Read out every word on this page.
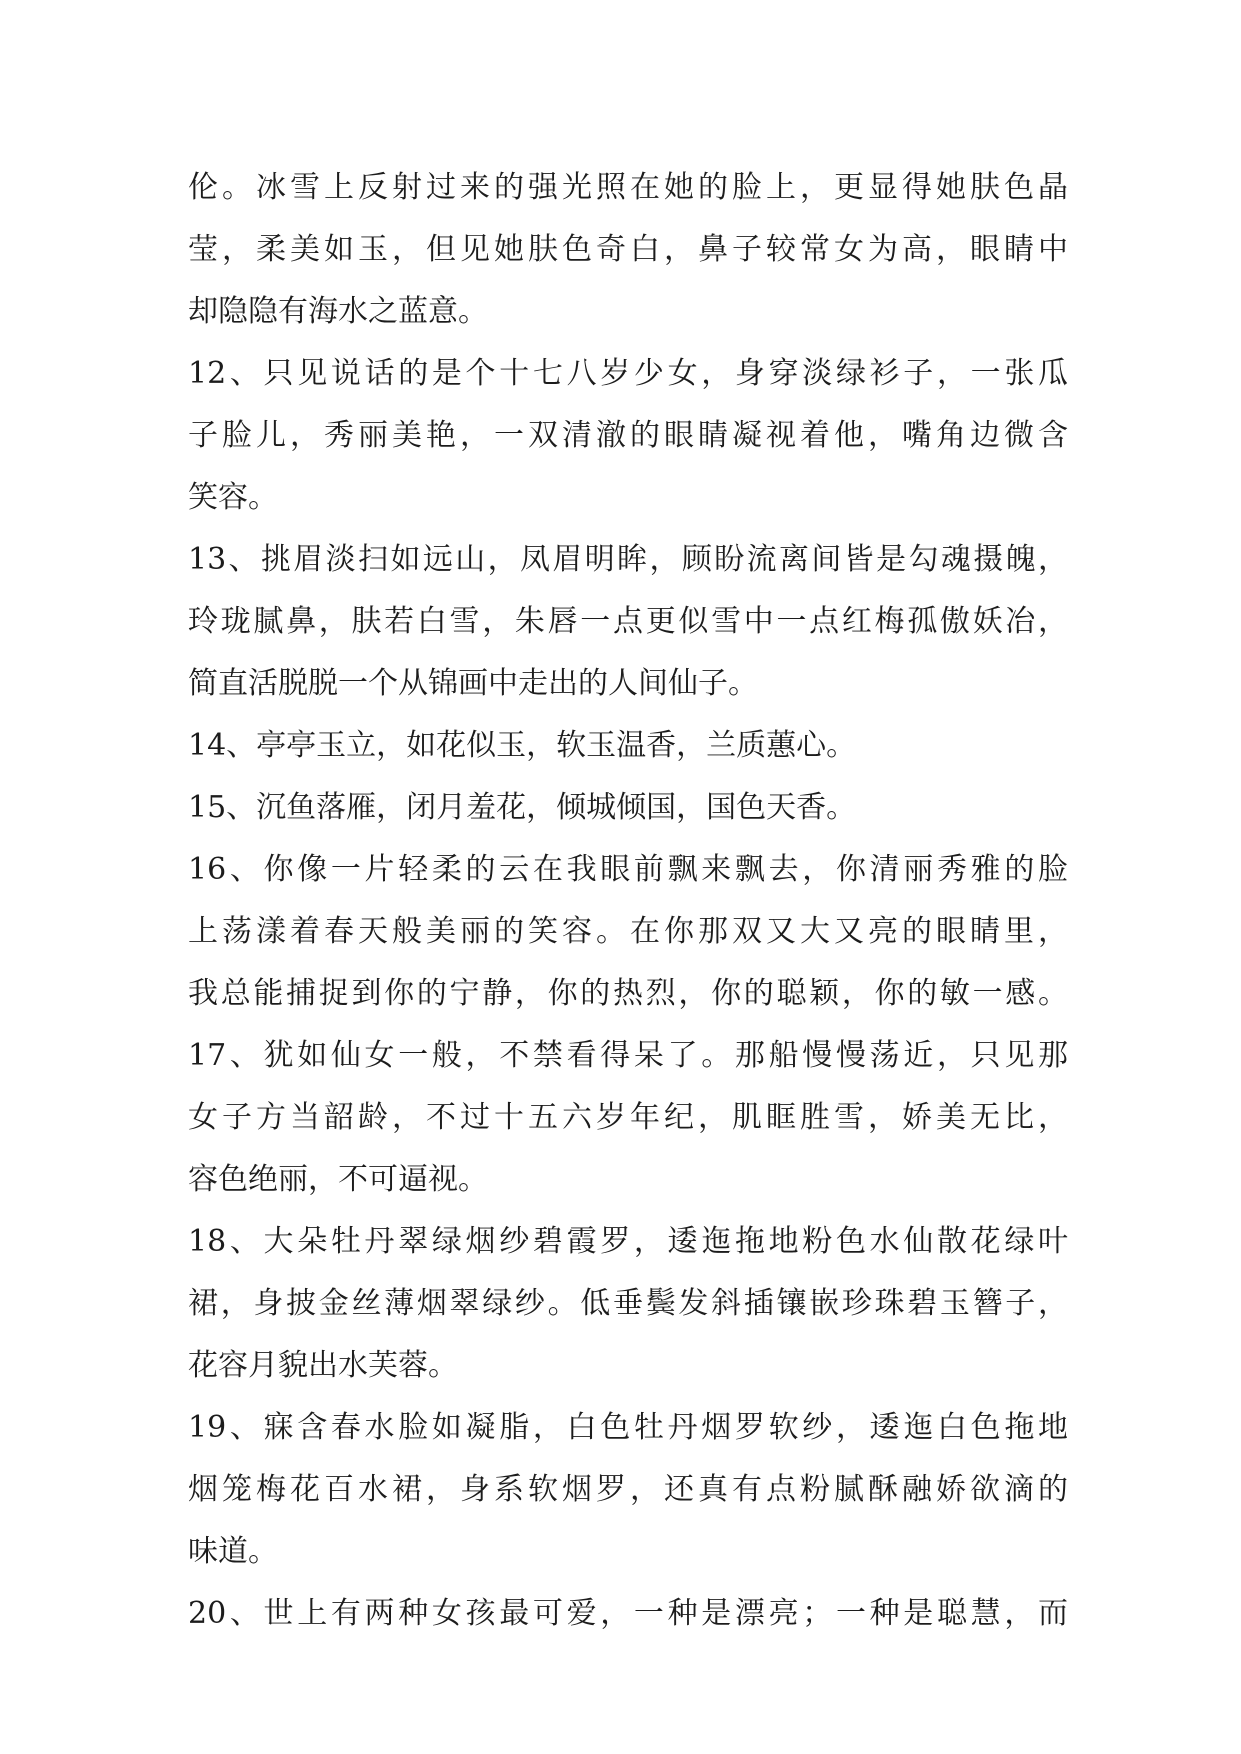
伦。冰雪上反射过来的强光照在她的脸上，更显得她肤色晶
莹，柔美如玉，但见她肤色奇白，鼻子较常女为高，眼睛中
却隐隐有海水之蓝意。
12、只见说话的是个十七八岁少女，身穿淡绿衫子，一张瓜
子脸儿，秀丽美艳，一双清澈的眼睛凝视着他，嘴角边微含
笑容。
13、挑眉淡扫如远山，凤眉明眸，顾盼流离间皆是勾魂摄魄，
玲珑腻鼻，肤若白雪，朱唇一点更似雪中一点红梅孤傲妖冶，
简直活脱脱一个从锦画中走出的人间仙子。
14、亭亭玉立，如花似玉，软玉温香，兰质蕙心。
15、沉鱼落雁，闭月羞花，倾城倾国，国色天香。
16、你像一片轻柔的云在我眼前飘来飘去，你清丽秀雅的脸
上荡漾着春天般美丽的笑容。在你那双又大又亮的眼睛里，
我总能捕捉到你的宁静，你的热烈，你的聪颖，你的敏一感。
17、犹如仙女一般，不禁看得呆了。那船慢慢荡近，只见那
女子方当韶龄，不过十五六岁年纪，肌眶胜雪，娇美无比，
容色绝丽，不可逼视。
18、大朵牡丹翠绿烟纱碧霞罗，逶迤拖地粉色水仙散花绿叶
裙，身披金丝薄烟翠绿纱。低垂鬓发斜插镶嵌珍珠碧玉簪子，
花容月貌出水芙蓉。
19、寐含春水脸如凝脂，白色牡丹烟罗软纱，逶迤白色拖地
烟笼梅花百水裙，身系软烟罗，还真有点粉腻酥融娇欲滴的
味道。
20、世上有两种女孩最可爱，一种是漂亮；一种是聪慧，而
